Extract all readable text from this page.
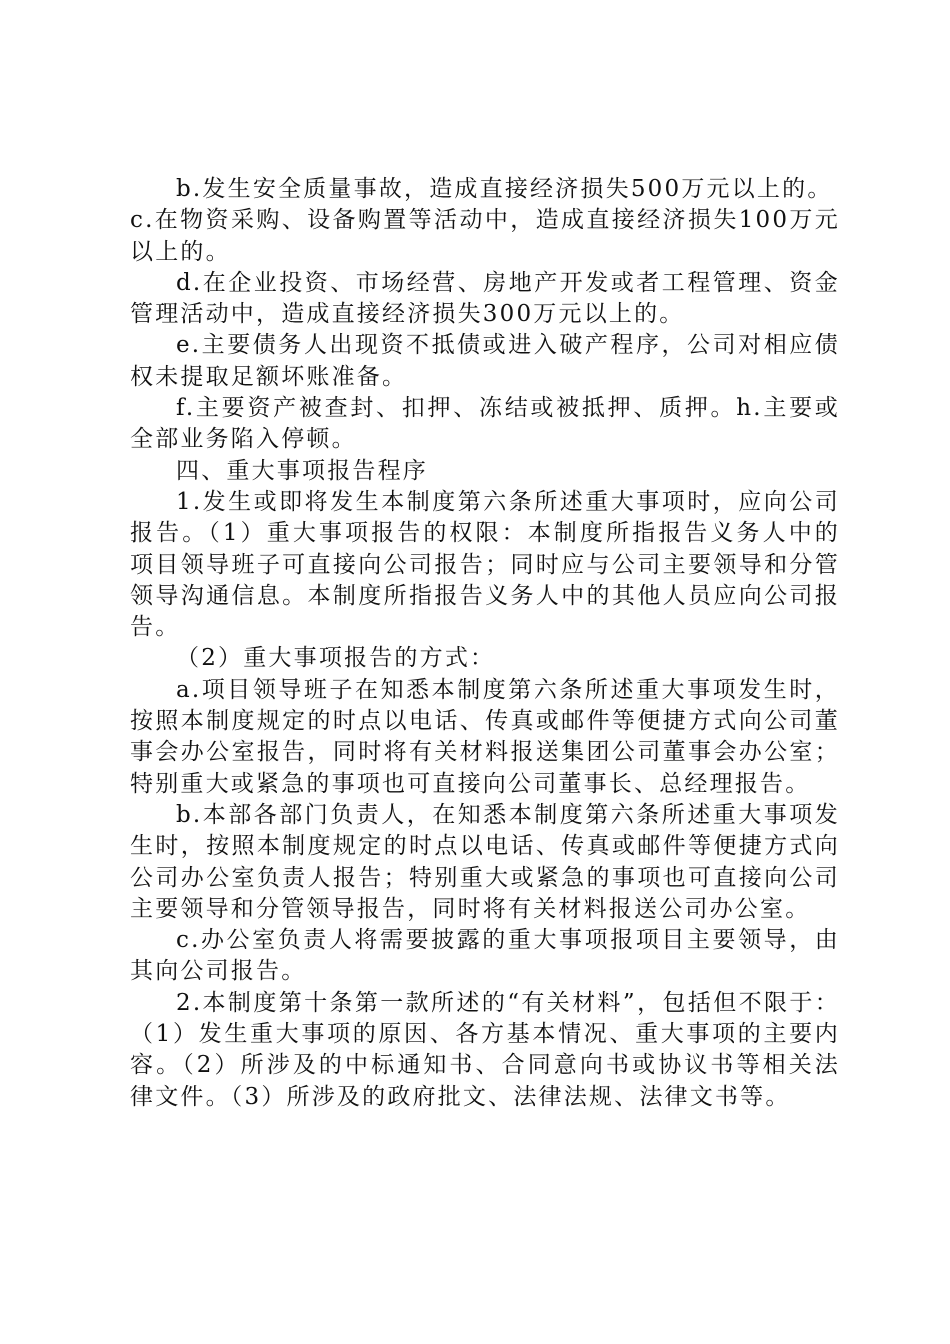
b.发生安全质量事故，造成直接经济损失500万元以上的。

c.在物资采购、设备购置等活动中，造成直接经济损失100万元以上的。

d.在企业投资、市场经营、房地产开发或者工程管理、资金管理活动中，造成直接经济损失300万元以上的。

e.主要债务人出现资不抵债或进入破产程序，公司对相应债权未提取足额坏账准备。

f.主要资产被查封、扣押、冻结或被抵押、质押。h.主要或全部业务陷入停顿。

四、重大事项报告程序

1.发生或即将发生本制度第六条所述重大事项时，应向公司报告。（1）重大事项报告的权限：本制度所指报告义务人中的项目领导班子可直接向公司报告；同时应与公司主要领导和分管领导沟通信息。本制度所指报告义务人中的其他人员应向公司报告。

（2）重大事项报告的方式：

a.项目领导班子在知悉本制度第六条所述重大事项发生时，按照本制度规定的时点以电话、传真或邮件等便捷方式向公司董事会办公室报告，同时将有关材料报送集团公司董事会办公室；特别重大或紧急的事项也可直接向公司董事长、总经理报告。

b.本部各部门负责人，在知悉本制度第六条所述重大事项发生时，按照本制度规定的时点以电话、传真或邮件等便捷方式向公司办公室负责人报告；特别重大或紧急的事项也可直接向公司主要领导和分管领导报告，同时将有关材料报送公司办公室。

c.办公室负责人将需要披露的重大事项报项目主要领导，由其向公司报告。

2.本制度第十条第一款所述的“有关材料”，包括但不限于：（1）发生重大事项的原因、各方基本情况、重大事项的主要内容。（2）所涉及的中标通知书、合同意向书或协议书等相关法律文件。（3）所涉及的政府批文、法律法规、法律文书等。
